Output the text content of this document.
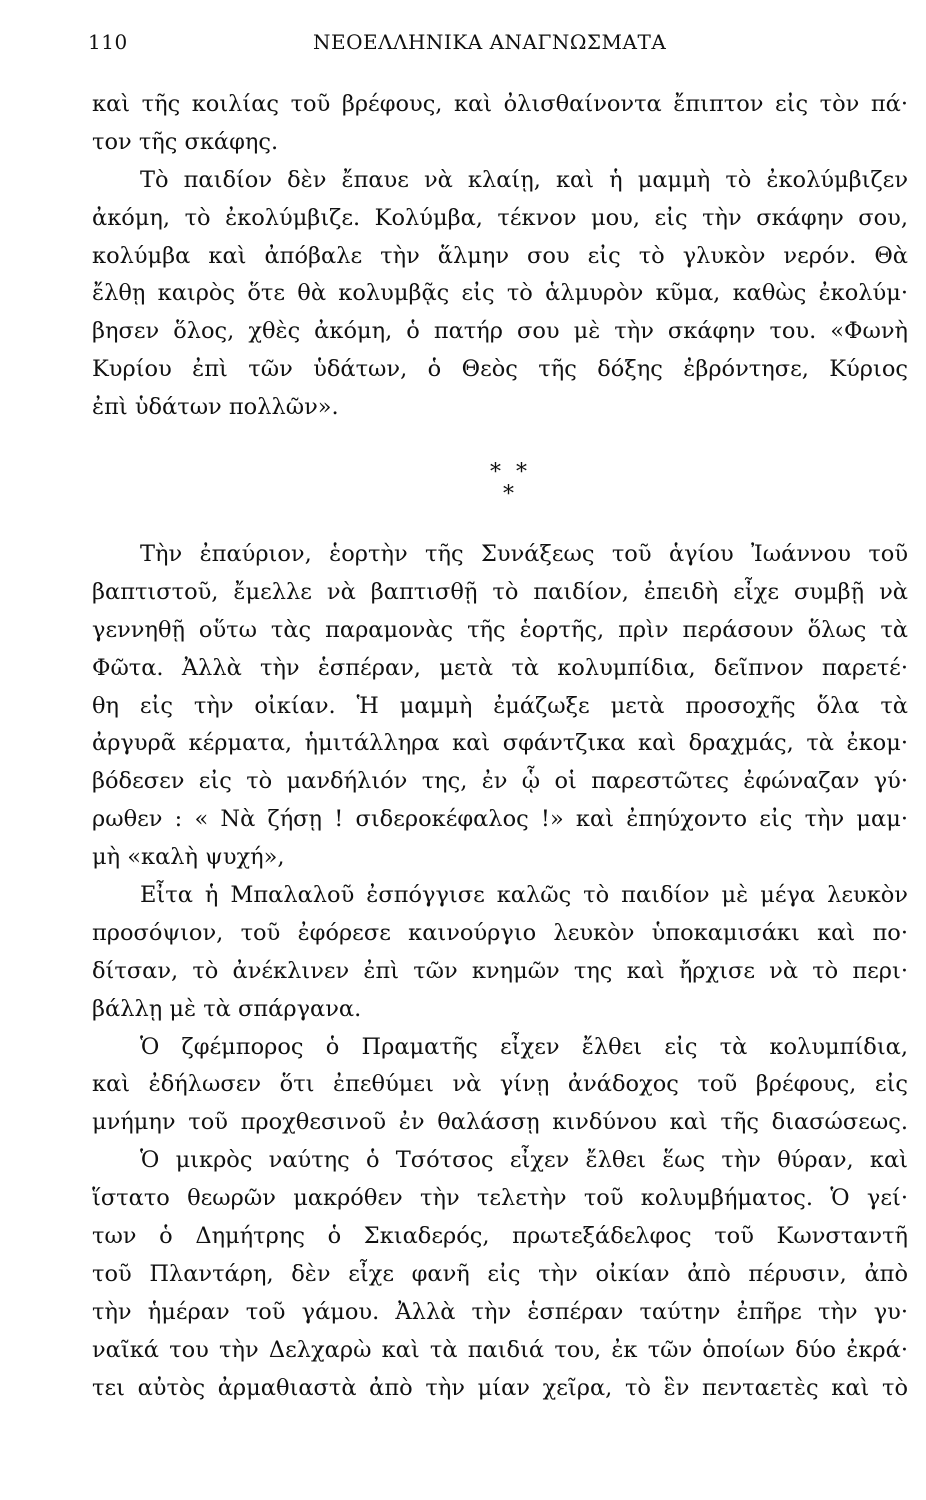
110	ΝΕΟΕΛΛΗΝΙΚΑ ΑΝΑΓΝΩΣΜΑΤΑ
καὶ τῆς κοιλίας τοῦ βρέφους, καὶ ὀλισθαίνοντα ἔπιπτον εἰς τὸν πά·
τον τῆς σκάφης.
Τὸ παιδίον δὲν ἔπαυε νὰ κλαίῃ, καὶ ἡ μαμμὴ τὸ ἐκολύμβιζεν
ἀκόμη, τὸ ἐκολύμβιζε. Κολύμβα, τέκνον μου, εἰς τὴν σκάφην σου,
κολύμβα καὶ ἀπόβαλε τὴν ἅλμην σου εἰς τὸ γλυκὸν νερόν. Θὰ
ἔλθῃ καιρὸς ὅτε θὰ κολυμβᾷς εἰς τὸ ἁλμυρὸν κῦμα, καθὼς ἐκολύμ·
βησεν ὅλος, χθὲς ἀκόμη, ὁ πατήρ σου μὲ τὴν σκάφην του. «Φωνὴ
Κυρίου ἐπὶ τῶν ὑδάτων, ὁ Θεὸς τῆς δόξης ἐβρόντησε, Κύριος
ἐπὶ ὑδάτων πολλῶν».
* *
*
Τὴν ἐπαύριον, ἑορτὴν τῆς Συνάξεως τοῦ ἁγίου Ἰωάννου τοῦ
βαπτιστοῦ, ἔμελλε νὰ βαπτισθῇ τὸ παιδίον, ἐπειδὴ εἶχε συμβῇ νὰ
γεννηθῇ οὕτω τὰς παραμονὰς τῆς ἑορτῆς, πρὶν περάσουν ὅλως τὰ
Φῶτα. Ἀλλὰ τὴν ἑσπέραν, μετὰ τὰ κολυμπίδια, δεῖπνον παρετέ·
θη εἰς τὴν οἰκίαν. Ἡ μαμμὴ ἐμάζωξε μετὰ προσοχῆς ὅλα τὰ
ἀργυρᾶ κέρματα, ἡμιτάλληρα καὶ σφάντζικα καὶ δραχμάς, τὰ ἐκομ·
βόδεσεν εἰς τὸ μανδήλιόν της, ἐν ᾧ οἱ παρεστῶτες ἐφώναζαν γύ·
ρωθεν : « Νὰ ζήσῃ ! σιδεροκέφαλος !» καὶ ἐπηύχοντο εἰς τὴν μαμ·
μὴ «καλὴ ψυχή»,
Εἶτα ἡ Μπαλαλοῦ ἐσπόγγισε καλῶς τὸ παιδίον μὲ μέγα λευκὸν
προσόψιον, τοῦ ἐφόρεσε καινούργιο λευκὸν ὑποκαμισάκι καὶ πο·
δίτσαν, τὸ ἀνέκλινεν ἐπὶ τῶν κνημῶν της καὶ ἤρχισε νὰ τὸ περι·
βάλλῃ μὲ τὰ σπάργανα.
Ὁ ζφέμπορος ὁ Πραματῆς εἶχεν ἔλθει εἰς τὰ κολυμπίδια,
καὶ ἐδήλωσεν ὅτι ἐπεθύμει νὰ γίνῃ ἀνάδοχος τοῦ βρέφους, εἰς
μνήμην τοῦ προχθεσινοῦ ἐν θαλάσσῃ κινδύνου καὶ τῆς διασώσεως.
Ὁ μικρὸς ναύτης ὁ Τσότσος εἶχεν ἔλθει ἕως τὴν θύραν, καὶ
ἵστατο θεωρῶν μακρόθεν τὴν τελετὴν τοῦ κολυμβήματος. Ὁ γεί·
των ὁ Δημήτρης ὁ Σκιαδερός, πρωτεξάδελφος τοῦ Κωνσταντῆ
τοῦ Πλαντάρη, δὲν εἶχε φανῆ εἰς τὴν οἰκίαν ἀπὸ πέρυσιν, ἀπὸ
τὴν ἡμέραν τοῦ γάμου. Ἀλλὰ τὴν ἑσπέραν ταύτην ἐπῆρε τὴν γυ·
ναῖκά του τὴν Δελχαρὼ καὶ τὰ παιδιά του, ἐκ τῶν ὁποίων δύο ἐκρά·
τει αὐτὸς ἀρμαθιαστὰ ἀπὸ τὴν μίαν χεῖρα, τὸ ἓν πενταετὲς καὶ τὸ
